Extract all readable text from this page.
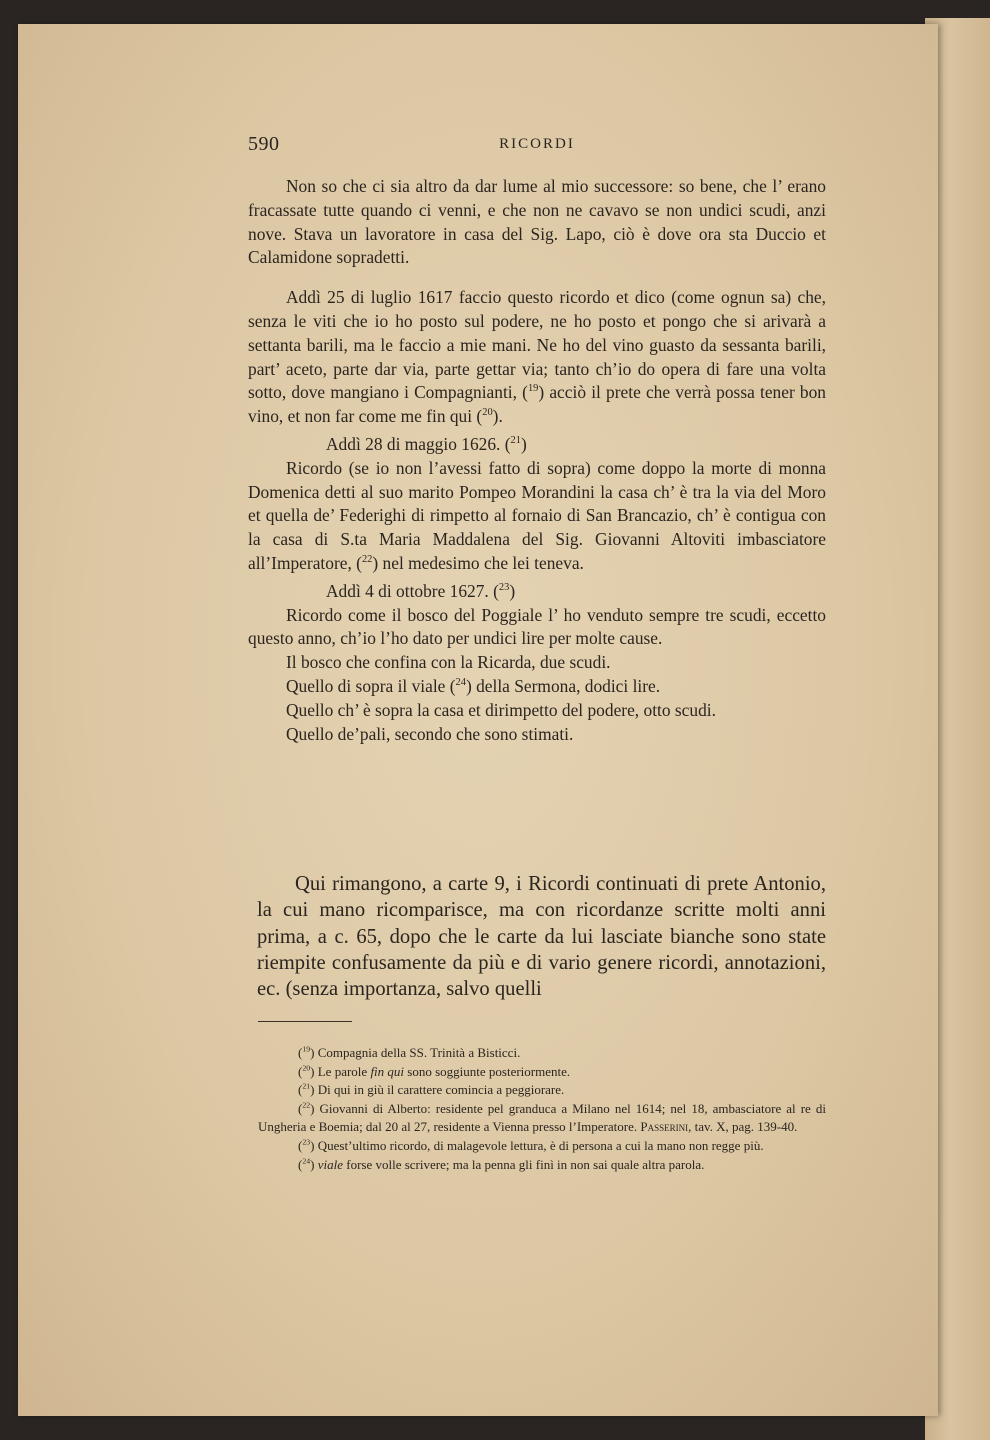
590	RICORDI

Non so che ci sia altro da dar lume al mio successore: so bene, che l’ erano fracassate tutte quando ci venni, e che non ne cavavo se non undici scudi, anzi nove. Stava un lavoratore in casa del Sig. Lapo, ciò è dove ora sta Duccio et Calamidone sopradetti.

Addì 25 di luglio 1617 faccio questo ricordo et dico (come ognun sa) che, senza le viti che io ho posto sul podere, ne ho posto et pongo che si arivarà a settanta barili, ma le faccio a mie mani. Ne ho del vino guasto da sessanta barili, part’ aceto, parte dar via, parte gettar via; tanto ch’io do opera di fare una volta sotto, dove mangiano i Compagnianti, ($^{19}$) acciò il prete che verrà possa tener bon vino, et non far come me fin qui ($^{20}$).

Addì 28 di maggio 1626. ($^{21}$)

Ricordo (se io non l’avessi fatto di sopra) come doppo la morte di monna Domenica detti al suo marito Pompeo Morandini la casa ch’ è tra la via del Moro et quella de’ Federighi di rimpetto al fornaio di San Brancazio, ch’ è contigua con la casa di S.ta Maria Maddalena del Sig. Giovanni Altoviti imbasciatore all’Imperatore, ($^{22}$) nel medesimo che lei teneva.

Addì 4 di ottobre 1627. ($^{23}$)

Ricordo come il bosco del Poggiale l’ ho venduto sempre tre scudi, eccetto questo anno, ch’io l’ho dato per undici lire per molte cause.

Il bosco che confina con la Ricarda, due scudi.

Quello di sopra il viale ($^{24}$) della Sermona, dodici lire.

Quello ch’ è sopra la casa et dirimpetto del podere, otto scudi.

Quello de’pali, secondo che sono stimati.

Qui rimangono, a carte 9, i Ricordi continuati di prete Antonio, la cui mano ricomparisce, ma con ricordanze scritte molti anni prima, a c. 65, dopo che le carte da lui lasciate bianche sono state riempite confusamente da più e di vario genere ricordi, annotazioni, ec. (senza importanza, salvo quelli

($^{19}$) Compagnia della SS. Trinità a Bisticci.

($^{20}$) Le parole fin qui sono soggiunte posteriormente.

($^{21}$) Di qui in giù il carattere comincia a peggiorare.

($^{22}$) Giovanni di Alberto: residente pel granduca a Milano nel 1614; nel 18, ambasciatore al re di Ungheria e Boemia; dal 20 al 27, residente a Vienna presso l’Imperatore. Passerini, tav. X, pag. 139-40.

($^{23}$) Quest’ultimo ricordo, di malagevole lettura, è di persona a cui la mano non regge più.

($^{24}$) viale forse volle scrivere; ma la penna gli finì in non sai quale altra parola.
